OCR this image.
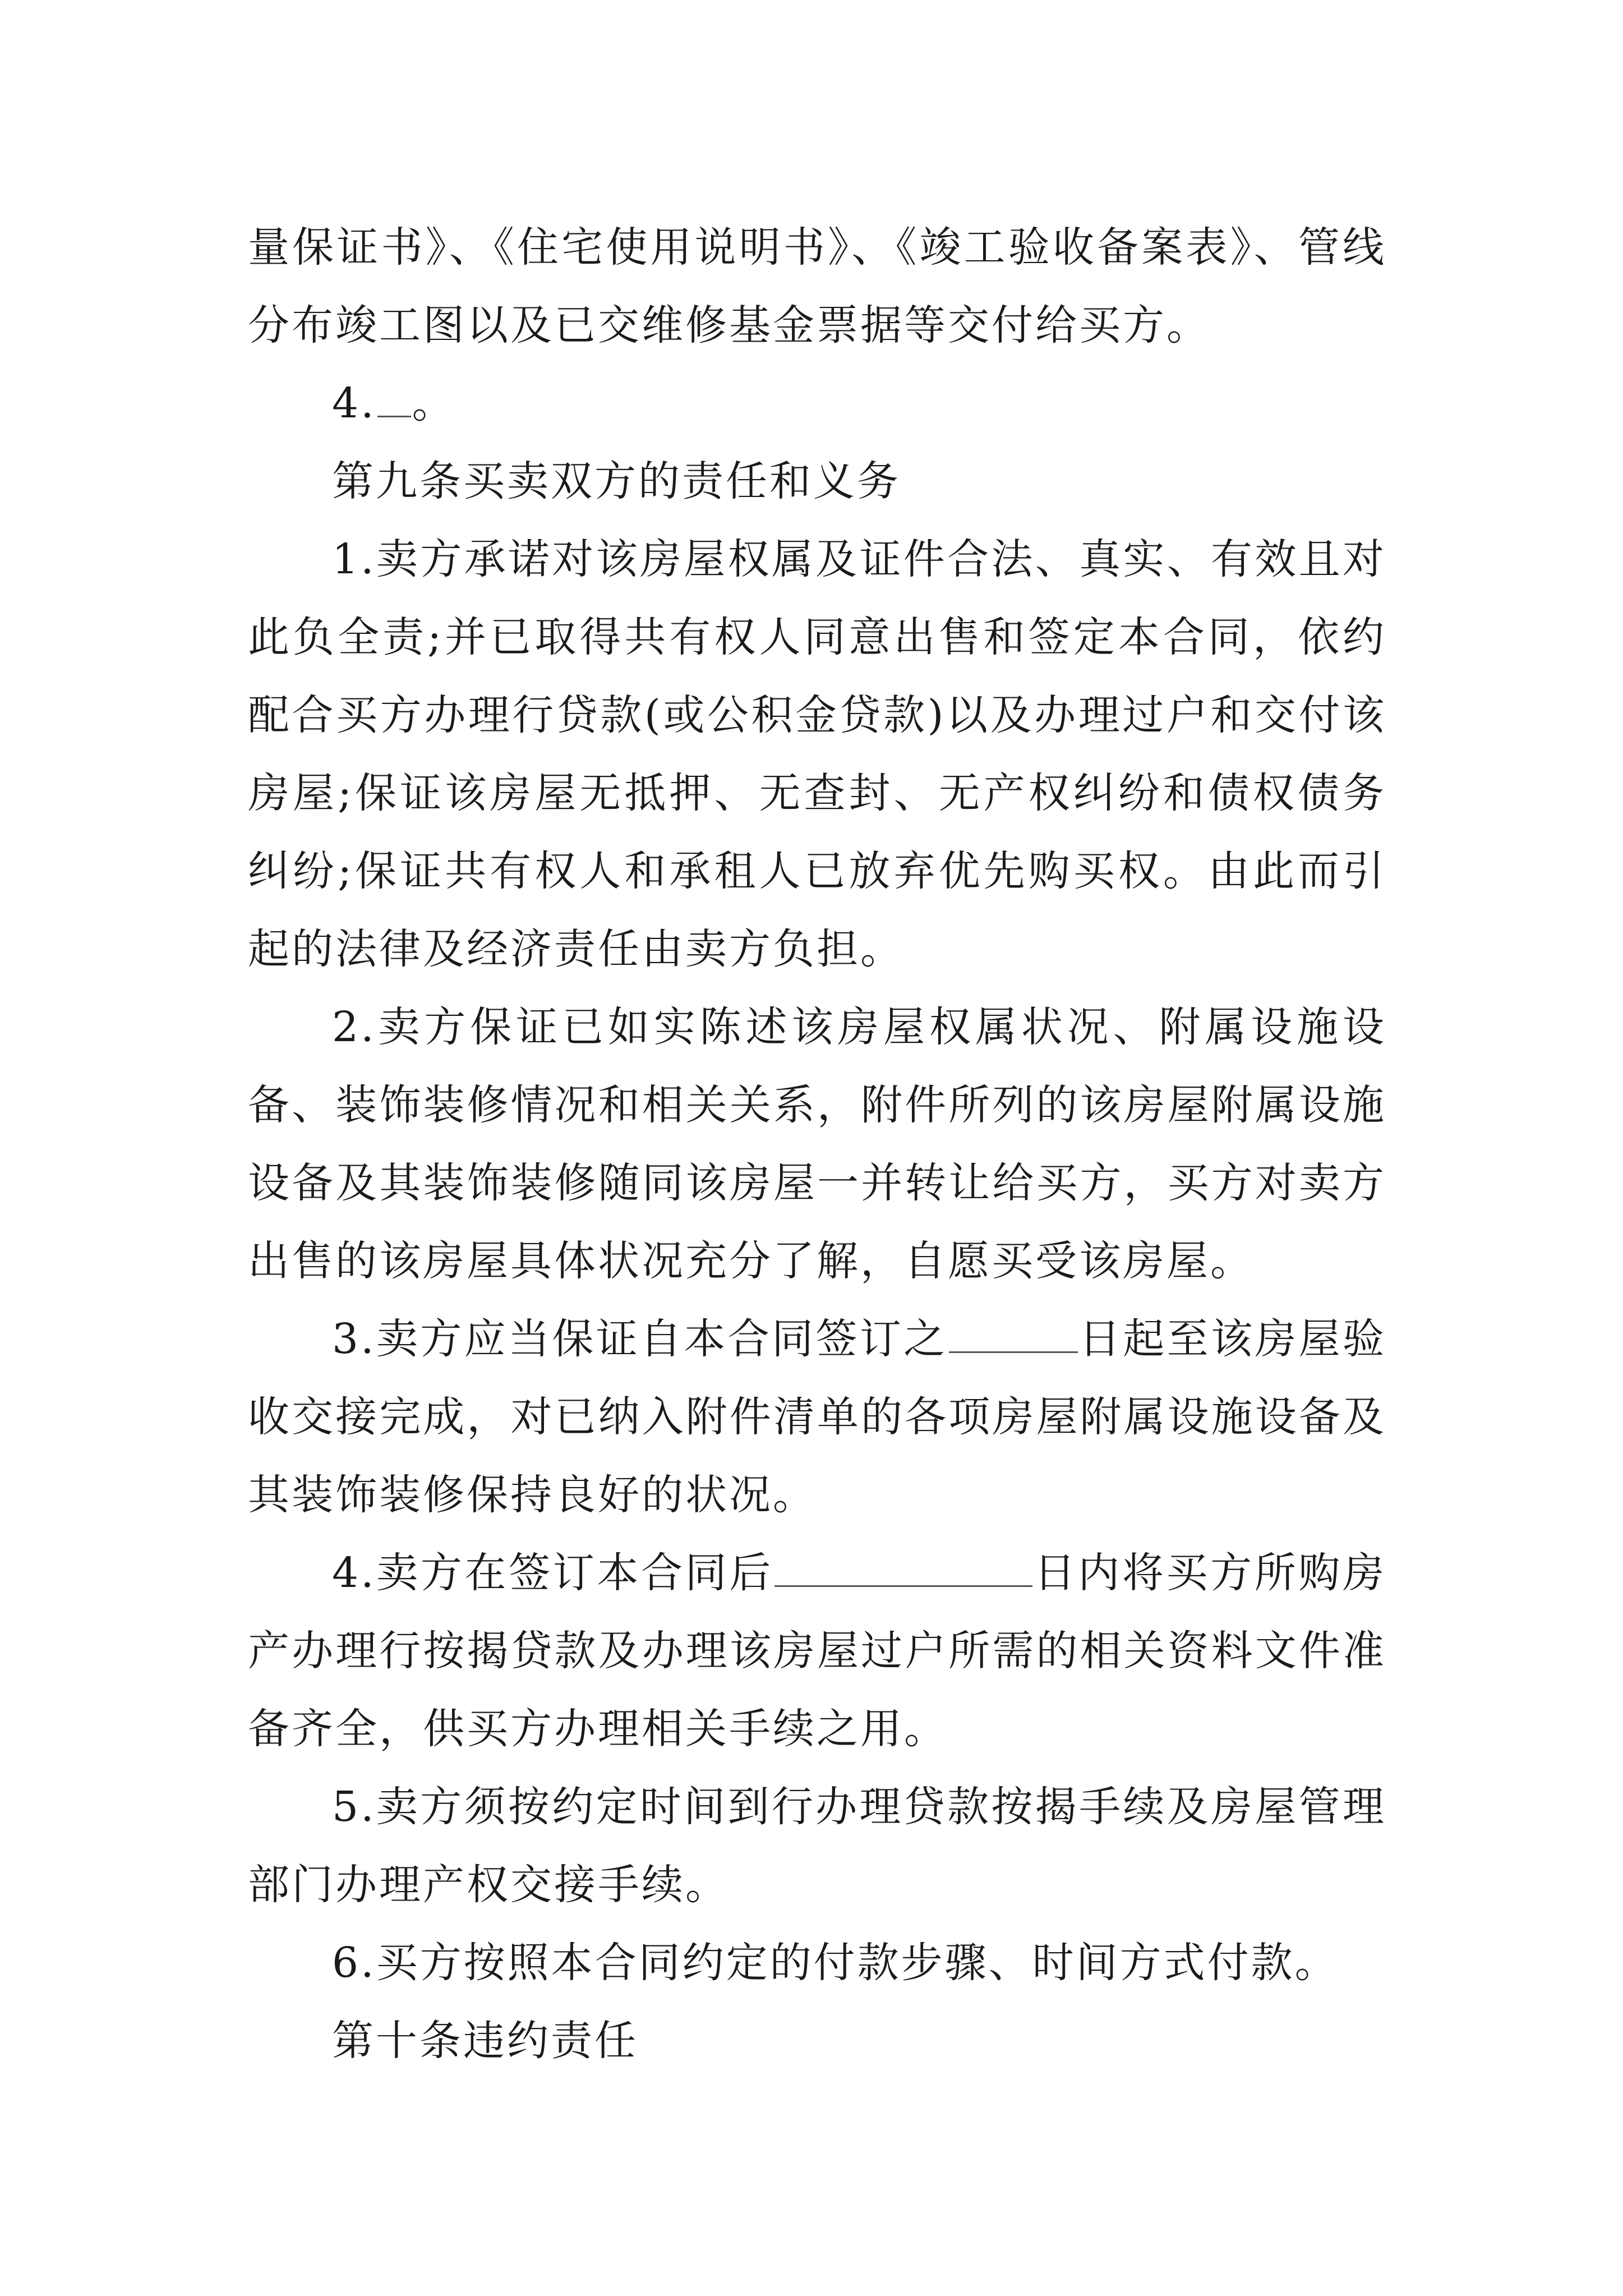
量保证书》、《住宅使用说明书》、《竣工验收备案表》、管线分布竣工图以及已交维修基金票据等交付给买方。

4. 。

第九条买卖双方的责任和义务

1.卖方承诺对该房屋权属及证件合法、真实、有效且对此负全责;并已取得共有权人同意出售和签定本合同，依约配合买方办理行贷款(或公积金贷款)以及办理过户和交付该房屋;保证该房屋无抵押、无查封、无产权纠纷和债权债务纠纷;保证共有权人和承租人已放弃优先购买权。由此而引起的法律及经济责任由卖方负担。

2.卖方保证已如实陈述该房屋权属状况、附属设施设备、装饰装修情况和相关关系，附件所列的该房屋附属设施设备及其装饰装修随同该房屋一并转让给买方，买方对卖方出售的该房屋具体状况充分了解，自愿买受该房屋。

3.卖方应当保证自本合同签订之	日起至该房屋验收交接完成，对已纳入附件清单的各项房屋附属设施设备及其装饰装修保持良好的状况。

4.卖方在签订本合同后	日内将买方所购房产办理行按揭贷款及办理该房屋过户所需的相关资料文件准备齐全，供买方办理相关手续之用。

5.卖方须按约定时间到行办理贷款按揭手续及房屋管理部门办理产权交接手续。

6.买方按照本合同约定的付款步骤、时间方式付款。

第十条违约责任
